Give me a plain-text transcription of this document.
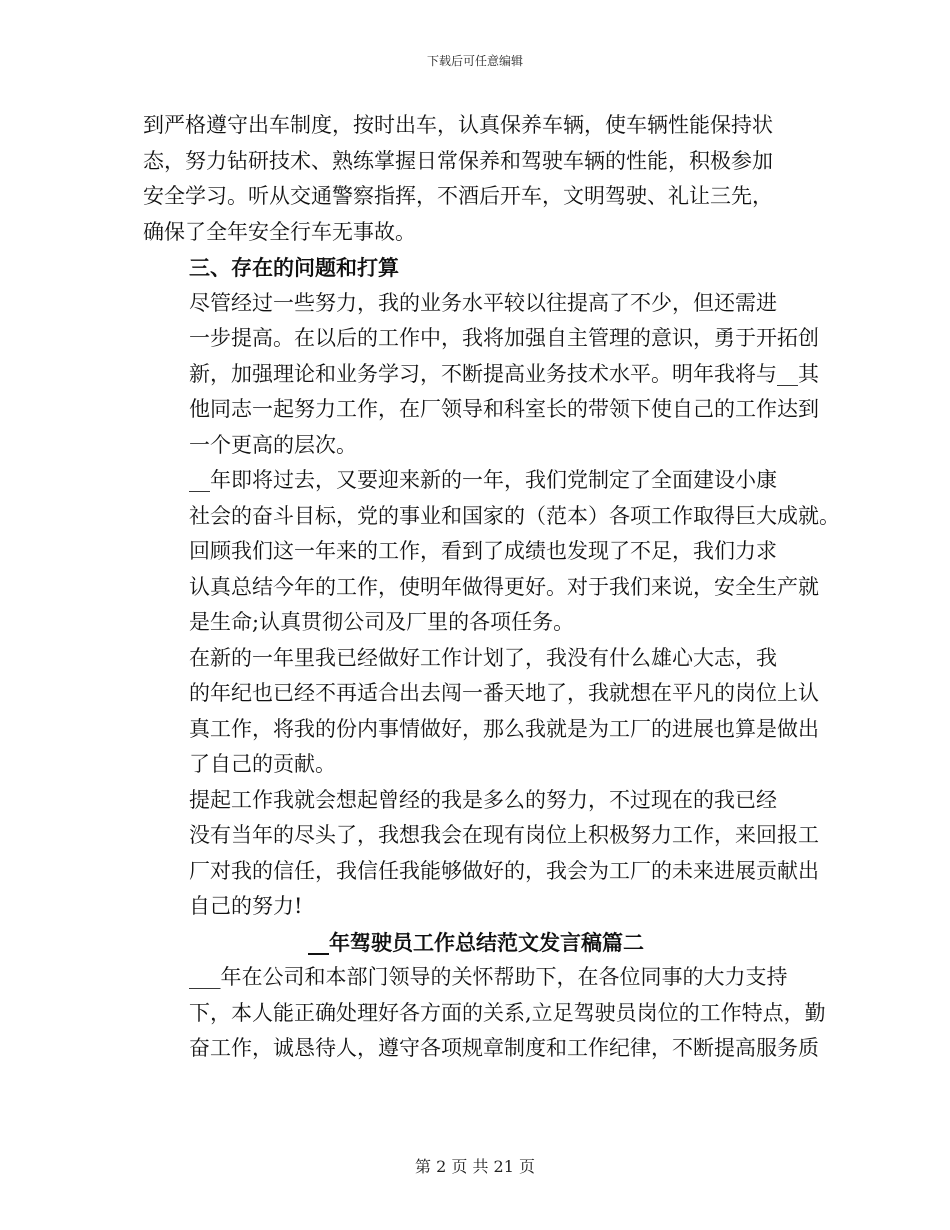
下载后可任意编辑

到严格遵守出车制度，按时出车，认真保养车辆，使车辆性能保持状
态，努力钻研技术、熟练掌握日常保养和驾驶车辆的性能，积极参加
安全学习。听从交通警察指挥，不酒后开车，文明驾驶、礼让三先，
确保了全年安全行车无事故。

三、存在的问题和打算

尽管经过一些努力，我的业务水平较以往提高了不少，但还需进
一步提高。在以后的工作中，我将加强自主管理的意识，勇于开拓创
新，加强理论和业务学习，不断提高业务技术水平。明年我将与__其
他同志一起努力工作，在厂领导和科室长的带领下使自己的工作达到
一个更高的层次。

__年即将过去，又要迎来新的一年，我们党制定了全面建设小康
社会的奋斗目标，党的事业和国家的（范本）各项工作取得巨大成就。

回顾我们这一年来的工作，看到了成绩也发现了不足，我们力求
认真总结今年的工作，使明年做得更好。对于我们来说，安全生产就
是生命;认真贯彻公司及厂里的各项任务。

在新的一年里我已经做好工作计划了，我没有什么雄心大志，我
的年纪也已经不再适合出去闯一番天地了，我就想在平凡的岗位上认
真工作，将我的份内事情做好，那么我就是为工厂的进展也算是做出
了自己的贡献。

提起工作我就会想起曾经的我是多么的努力，不过现在的我已经
没有当年的尽头了，我想我会在现有岗位上积极努力工作，来回报工
厂对我的信任，我信任我能够做好的，我会为工厂的未来进展贡献出
自己的努力!

__年驾驶员工作总结范文发言稿篇二

___年在公司和本部门领导的关怀帮助下，在各位同事的大力支持
下，本人能正确处理好各方面的关系,立足驾驶员岗位的工作特点，勤
奋工作，诚恳待人，遵守各项规章制度和工作纪律，不断提高服务质

第 2 页 共 21 页
